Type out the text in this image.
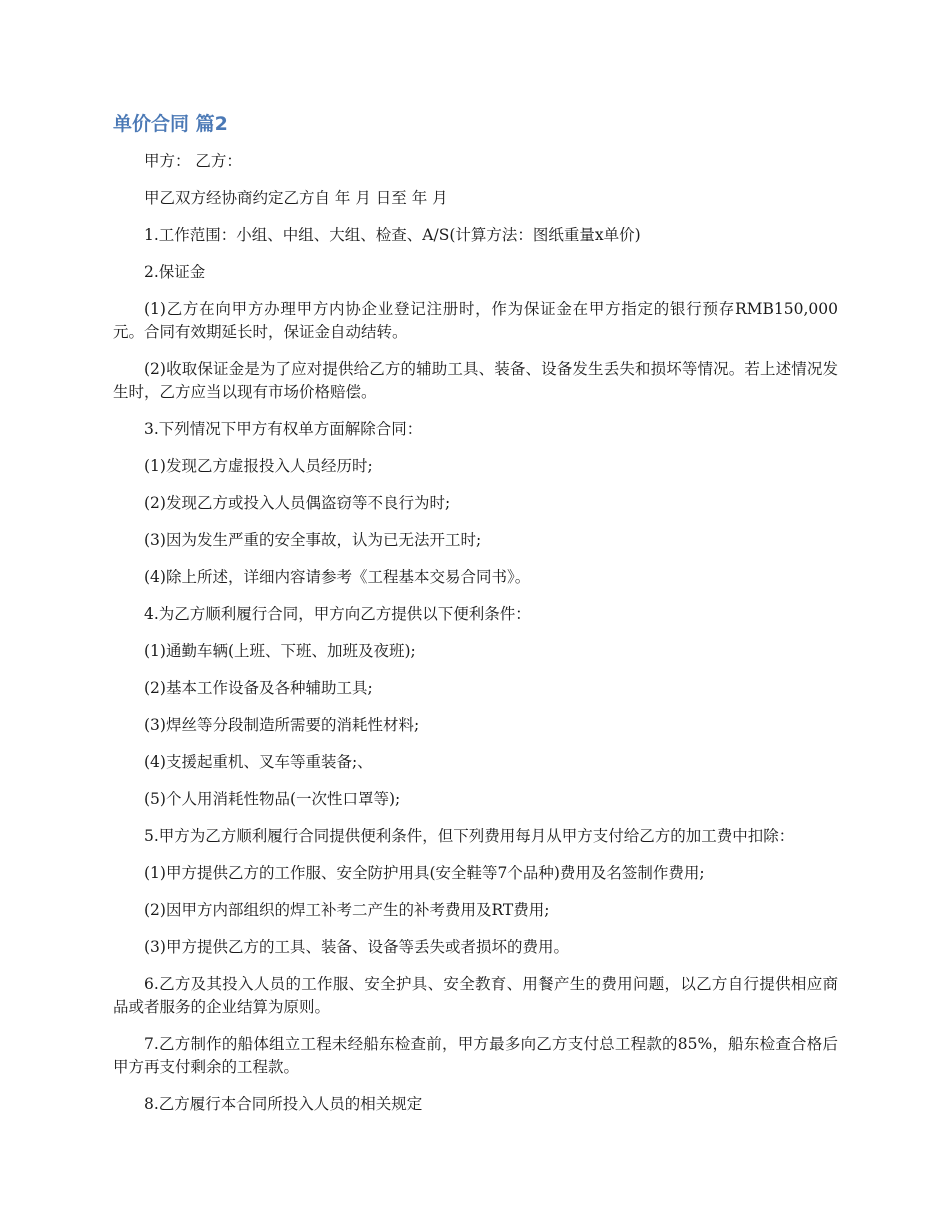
单价合同 篇2

甲方： 乙方：

甲乙双方经协商约定乙方自 年 月 日至 年 月

1.工作范围：小组、中组、大组、检查、A/S(计算方法：图纸重量x单价)

2.保证金

(1)乙方在向甲方办理甲方内协企业登记注册时，作为保证金在甲方指定的银行预存RMB150,000元。合同有效期延长时，保证金自动结转。

(2)收取保证金是为了应对提供给乙方的辅助工具、装备、设备发生丢失和损坏等情况。若上述情况发生时，乙方应当以现有市场价格赔偿。

3.下列情况下甲方有权单方面解除合同：

(1)发现乙方虚报投入人员经历时;

(2)发现乙方或投入人员偶盗窃等不良行为时;

(3)因为发生严重的安全事故，认为已无法开工时;

(4)除上所述，详细内容请参考《工程基本交易合同书》。

4.为乙方顺利履行合同，甲方向乙方提供以下便利条件：

(1)通勤车辆(上班、下班、加班及夜班);

(2)基本工作设备及各种辅助工具;

(3)焊丝等分段制造所需要的消耗性材料;

(4)支援起重机、叉车等重装备;、

(5)个人用消耗性物品(一次性口罩等);

5.甲方为乙方顺利履行合同提供便利条件，但下列费用每月从甲方支付给乙方的加工费中扣除：

(1)甲方提供乙方的工作服、安全防护用具(安全鞋等7个品种)费用及名签制作费用;

(2)因甲方内部组织的焊工补考二产生的补考费用及RT费用;

(3)甲方提供乙方的工具、装备、设备等丢失或者损坏的费用。

6.乙方及其投入人员的工作服、安全护具、安全教育、用餐产生的费用问题，以乙方自行提供相应商品或者服务的企业结算为原则。

7.乙方制作的船体组立工程未经船东检查前，甲方最多向乙方支付总工程款的85%，船东检查合格后甲方再支付剩余的工程款。

8.乙方履行本合同所投入人员的相关规定
